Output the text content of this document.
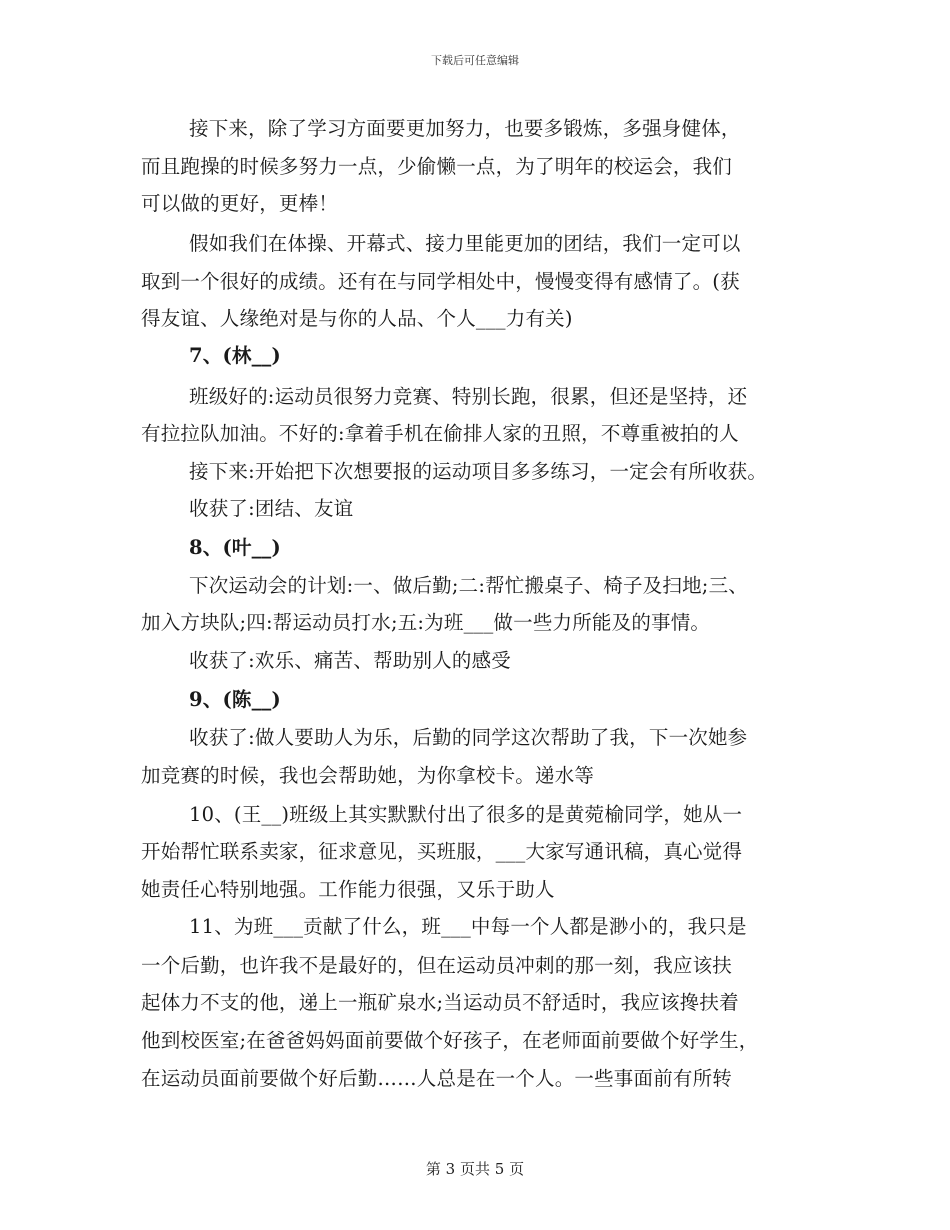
下载后可任意编辑
接下来，除了学习方面要更加努力，也要多锻炼，多强身健体，
而且跑操的时候多努力一点，少偷懒一点，为了明年的校运会，我们
可以做的更好，更棒！
假如我们在体操、开幕式、接力里能更加的团结，我们一定可以
取到一个很好的成绩。还有在与同学相处中，慢慢变得有感情了。(获
得友谊、人缘绝对是与你的人品、个人___力有关)
7、(林__)
班级好的:运动员很努力竞赛、特别长跑，很累，但还是坚持，还
有拉拉队加油。不好的:拿着手机在偷排人家的丑照，不尊重被拍的人
接下来:开始把下次想要报的运动项目多多练习，一定会有所收获。
收获了:团结、友谊
8、(叶__)
下次运动会的计划:一、做后勤;二:帮忙搬桌子、椅子及扫地;三、
加入方块队;四:帮运动员打水;五:为班___做一些力所能及的事情。
收获了:欢乐、痛苦、帮助别人的感受
9、(陈__)
收获了:做人要助人为乐，后勤的同学这次帮助了我，下一次她参
加竞赛的时候，我也会帮助她，为你拿校卡。递水等
10、(王__)班级上其实默默付出了很多的是黄菀榆同学，她从一
开始帮忙联系卖家，征求意见，买班服，___大家写通讯稿，真心觉得
她责任心特别地强。工作能力很强，又乐于助人
11、为班___贡献了什么，班___中每一个人都是渺小的，我只是
一个后勤，也许我不是最好的，但在运动员冲刺的那一刻，我应该扶
起体力不支的他，递上一瓶矿泉水;当运动员不舒适时，我应该搀扶着
他到校医室;在爸爸妈妈面前要做个好孩子，在老师面前要做个好学生，
在运动员面前要做个好后勤……人总是在一个人。一些事面前有所转
第 3 页共 5 页
